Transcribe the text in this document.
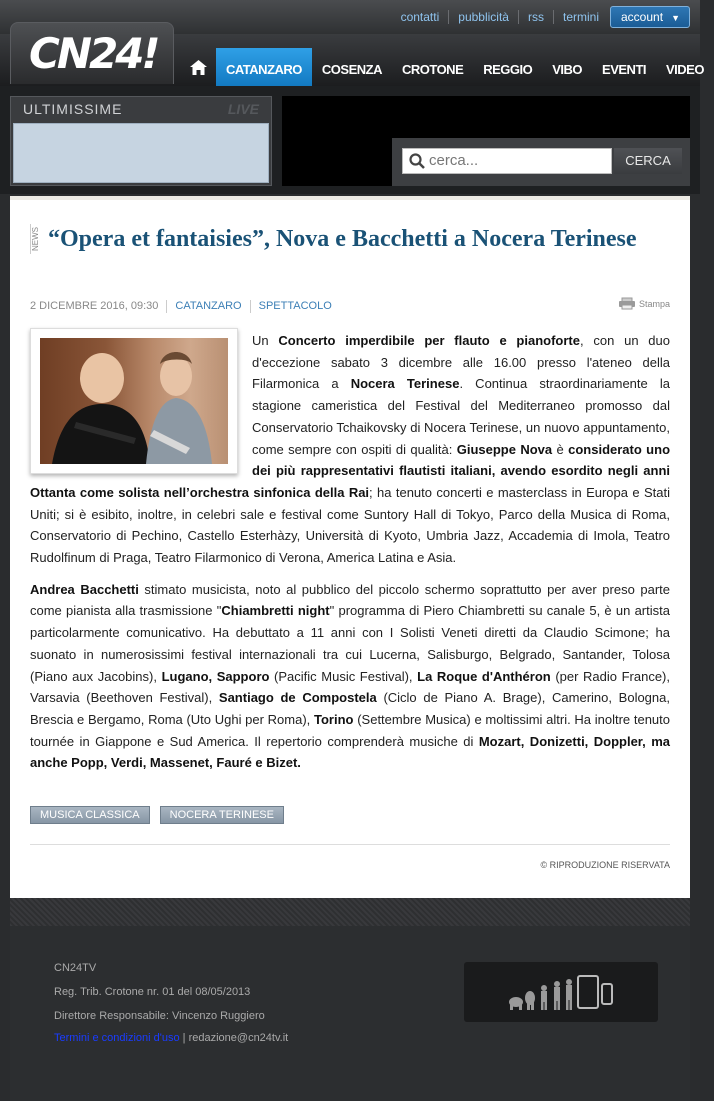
contatti	pubblicità	rss	termini	account ▼
CN24!	CATANZARO	COSENZA	CROTONE	REGGIO	VIBO	EVENTI	VIDEO
ULTIMISSIME	LIVE
cerca...	CERCA
NEWS “Opera et fantaisies”, Nova e Bacchetti a Nocera Terinese
2 DICEMBRE 2016, 09:30	CATANZARO	SPETTACOLO	Stampa

Un Concerto imperdibile per flauto e pianoforte, con un duo d'eccezione sabato 3 dicembre alle 16.00 presso l'ateneo della Filarmonica a Nocera Terinese. Continua straordinariamente la stagione cameristica del Festival del Mediterraneo promosso dal Conservatorio Tchaikovsky di Nocera Terinese, un nuovo appuntamento, come sempre con ospiti di qualità: Giuseppe Nova è considerato uno dei più rappresentativi flautisti italiani, avendo esordito negli anni Ottanta come solista nell’orchestra sinfonica della Rai; ha tenuto concerti e masterclass in Europa e Stati Uniti; si è esibito, inoltre, in celebri sale e festival come Suntory Hall di Tokyo, Parco della Musica di Roma, Conservatorio di Pechino, Castello Esterhàzy, Università di Kyoto, Umbria Jazz, Accademia di Imola, Teatro Rudolfinum di Praga, Teatro Filarmonico di Verona, America Latina e Asia.

Andrea Bacchetti stimato musicista, noto al pubblico del piccolo schermo soprattutto per aver preso parte come pianista alla trasmissione "Chiambretti night" programma di Piero Chiambretti su canale 5, è un artista particolarmente comunicativo. Ha debuttato a 11 anni con I Solisti Veneti diretti da Claudio Scimone; ha suonato in numerosissimi festival internazionali tra cui Lucerna, Salisburgo, Belgrado, Santander, Tolosa (Piano aux Jacobins), Lugano, Sapporo (Pacific Music Festival), La Roque d'Anthéron (per Radio France), Varsavia (Beethoven Festival), Santiago de Compostela (Ciclo de Piano A. Brage), Camerino, Bologna, Brescia e Bergamo, Roma (Uto Ughi per Roma), Torino (Settembre Musica) e moltissimi altri. Ha inoltre tenuto tournée in Giappone e Sud America. Il repertorio comprenderà musiche di Mozart, Donizetti, Doppler, ma anche Popp, Verdi, Massenet, Fauré e Bizet.

MUSICA CLASSICA	NOCERA TERINESE
© RIPRODUZIONE RISERVATA
CN24TV
Reg. Trib. Crotone nr. 01 del 08/05/2013
Direttore Responsabile: Vincenzo Ruggiero
Termini e condizioni d'uso | redazione@cn24tv.it
